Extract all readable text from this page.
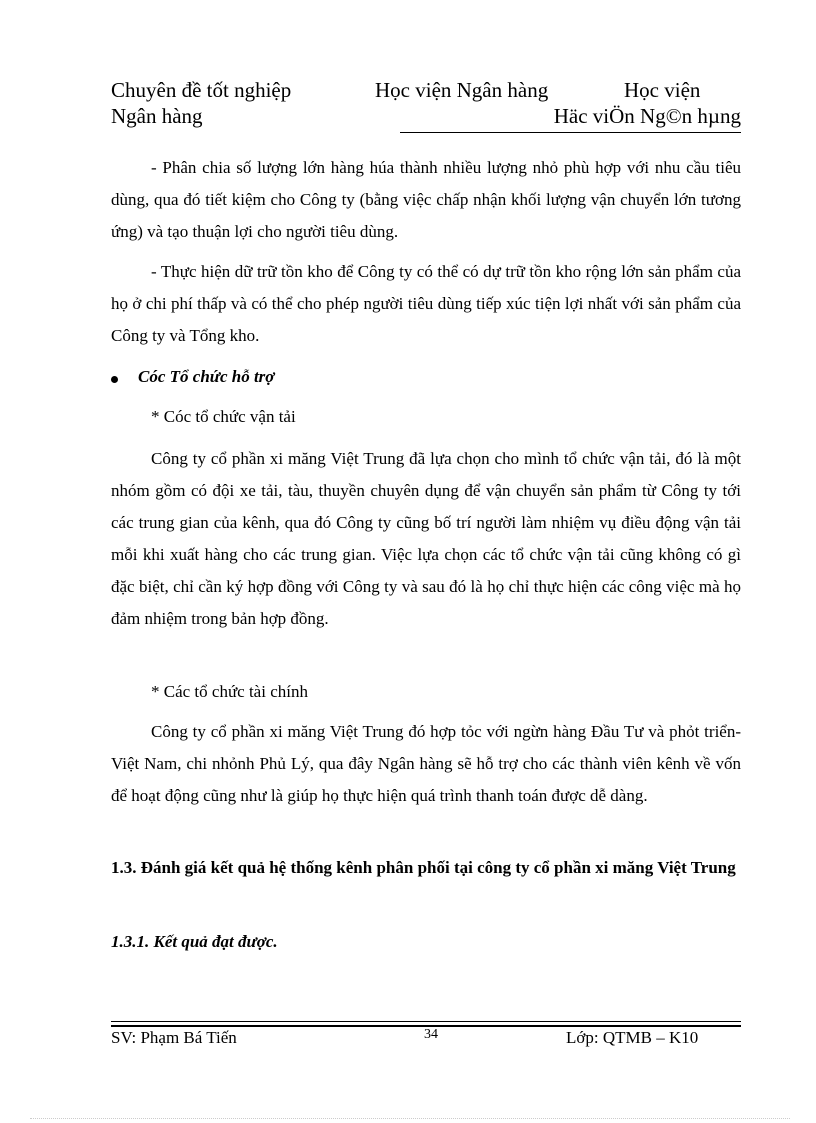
Chuyên đề tốt nghiệp	Học viện Ngân hàng	Học viện
Ngân hàng	Häc viÖn Ng©n hµng

- Phân chia số lượng lớn hàng húa thành nhiều lượng nhỏ phù hợp với nhu cầu tiêu dùng, qua đó tiết kiệm cho Công ty (bằng việc chấp nhận khối lượng vận chuyển lớn tương ứng) và tạo thuận lợi cho người tiêu dùng.

- Thực hiện dữ trữ tồn kho để Công ty có thể có dự trữ tồn kho rộng lớn sản phẩm của họ ở chi phí thấp và có thể cho phép người tiêu dùng tiếp xúc tiện lợi nhất với sản phẩm của Công ty và Tổng kho.

Cóc Tổ chức hỗ trợ
* Cóc tổ chức vận tải

Công ty cổ phần xi măng Việt Trung đã lựa chọn cho mình tổ chức vận tải, đó là một nhóm gồm có đội xe tải, tàu, thuyền chuyên dụng để vận chuyển sản phẩm từ Công ty tới các trung gian của kênh, qua đó Công ty cũng bố trí người làm nhiệm vụ điều động vận tải mỗi khi xuất hàng cho các trung gian. Việc lựa chọn các tổ chức vận tải cũng không có gì đặc biệt, chỉ cần ký hợp đồng với Công ty và sau đó là họ chỉ thực hiện các công việc mà họ đảm nhiệm trong bản hợp đồng.

* Các tổ chức tài chính

Công ty cổ phần xi măng Việt Trung đó hợp tỏc với ngừn hàng Đầu Tư và phỏt triển- Việt Nam, chi nhỏnh Phủ Lý, qua đây Ngân hàng sẽ hỗ trợ cho các thành viên kênh về vốn để hoạt động cũng như là giúp họ thực hiện quá trình thanh toán được dễ dàng.

1.3. Đánh giá kết quả hệ thống kênh phân phối tại công ty cổ phần xi măng Việt Trung
1.3.1. Kết quả đạt được.
SV: Phạm Bá Tiến	34	Lớp: QTMB – K10
